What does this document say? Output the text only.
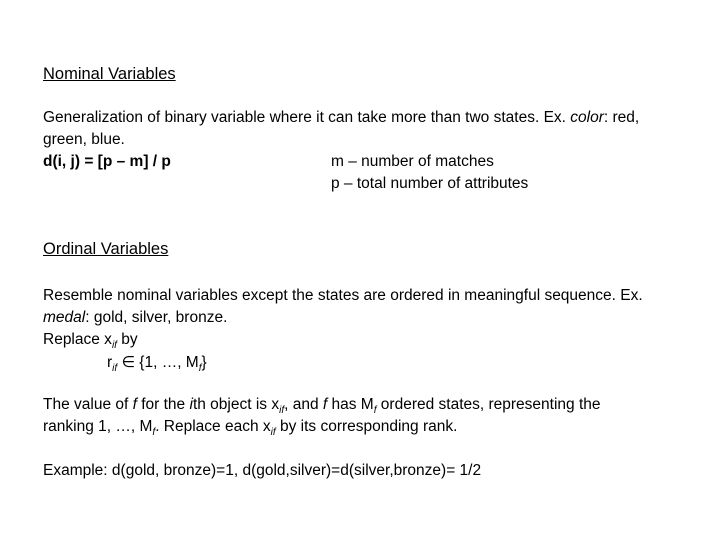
Nominal Variables
Generalization of binary variable where it can take more than two states. Ex. color: red,
green, blue.
d(i, j) = [p – m] / p	m – number of matches
p – total number of attributes
Ordinal Variables
Resemble nominal variables except the states are ordered in meaningful sequence. Ex.
medal: gold, silver, bronze.
Replace $x_{if}$ by
$r_{if}$ ∈ {1, …, $M_f$}
The value of f for the ith object is $x_{if}$, and f has $M_f$ ordered states, representing the
ranking 1, …, $M_f$. Replace each $x_{if}$ by its corresponding rank.
Example: d(gold, bronze)=1, d(gold,silver)=d(silver,bronze)= 1/2
